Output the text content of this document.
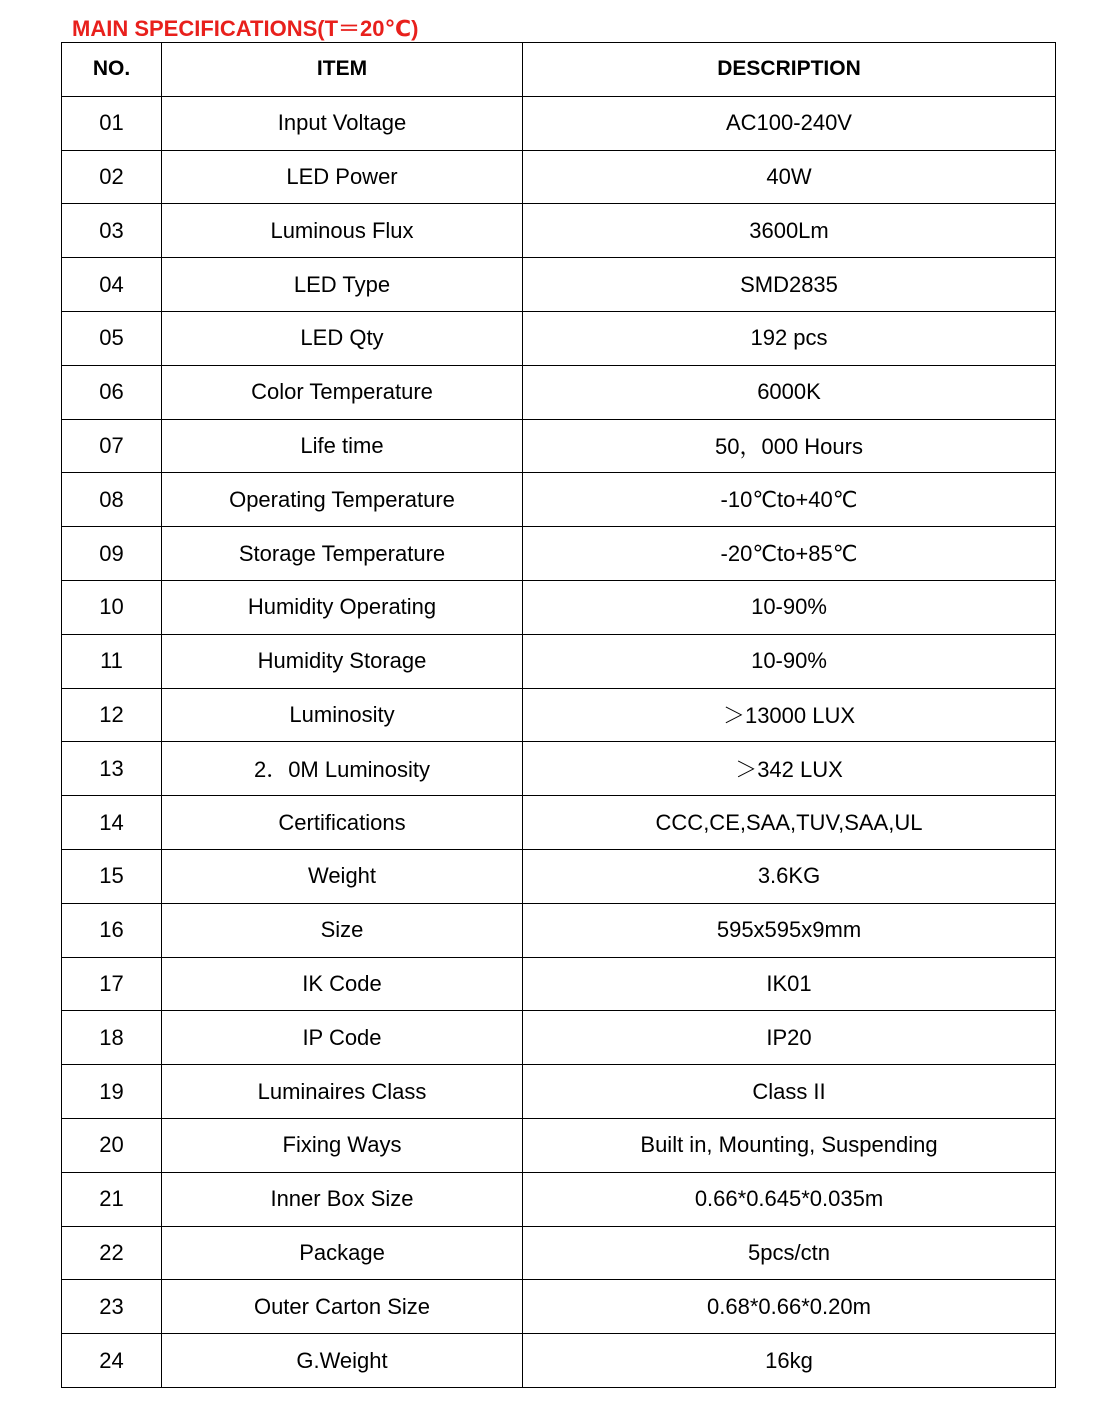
MAIN SPECIFICATIONS(T＝20℃)
NO.	ITEM	DESCRIPTION
01	Input Voltage	AC100-240V
02	LED Power	40W
03	Luminous Flux	3600Lm
04	LED Type	SMD2835
05	LED Qty	192 pcs
06	Color Temperature	6000K
07	Life time	50，000 Hours
08	Operating Temperature	-10℃to+40℃
09	Storage Temperature	-20℃to+85℃
10	Humidity Operating	10-90%
11	Humidity Storage	10-90%
12	Luminosity	＞13000 LUX
13	2．0M Luminosity	＞342 LUX
14	Certifications	CCC,CE,SAA,TUV,SAA,UL
15	Weight	3.6KG
16	Size	595x595x9mm
17	IK Code	IK01
18	IP Code	IP20
19	Luminaires Class	Class II
20	Fixing Ways	Built in, Mounting, Suspending
21	Inner Box Size	0.66*0.645*0.035m
22	Package	5pcs/ctn
23	Outer Carton Size	0.68*0.66*0.20m
24	G.Weight	16kg
